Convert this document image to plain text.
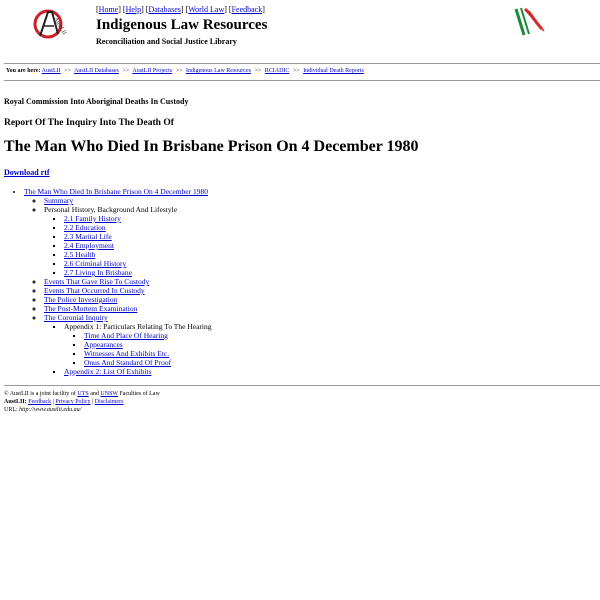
AustLII
[Home] [Help] [Databases] [World Law] [Feedback]
Indigenous Law Resources
Reconciliation and Social Justice Library
You are here: AustLII >> AustLII Databases >> AustLII Projects >> Indigenous Law Resources >> RCIADIC >> Individual Death Reports
Royal Commission Into Aboriginal Deaths In Custody
Report Of The Inquiry Into The Death Of
The Man Who Died In Brisbane Prison On 4 December 1980
Download rtf
• The Man Who Died In Brisbane Prison On 4 December 1980
◦ Summary
◦ Personal History, Background And Lifestyle
▪ 2.1 Family History
▪ 2.2 Education
▪ 2.3 Marital Life
▪ 2.4 Employment
▪ 2.5 Health
▪ 2.6 Criminal History
▪ 2.7 Living In Brisbane
◦ Events That Gave Rise To Custody
◦ Events That Occurred In Custody
◦ The Police Investigation
◦ The Post-Mortem Examination
◦ The Coronial Inquiry
▪ Appendix 1: Particulars Relating To The Hearing
▪ Time And Place Of Hearing
▪ Appearances
▪ Witnesses And Exhibits Etc.
▪ Onus And Standard Of Proof
▪ Appendix 2: List Of Exhibits
© AustLII is a joint facility of UTS and UNSW Faculties of Law
AustLII: Feedback | Privacy Policy | Disclaimers
URL: http://www.austlii.edu.au/
